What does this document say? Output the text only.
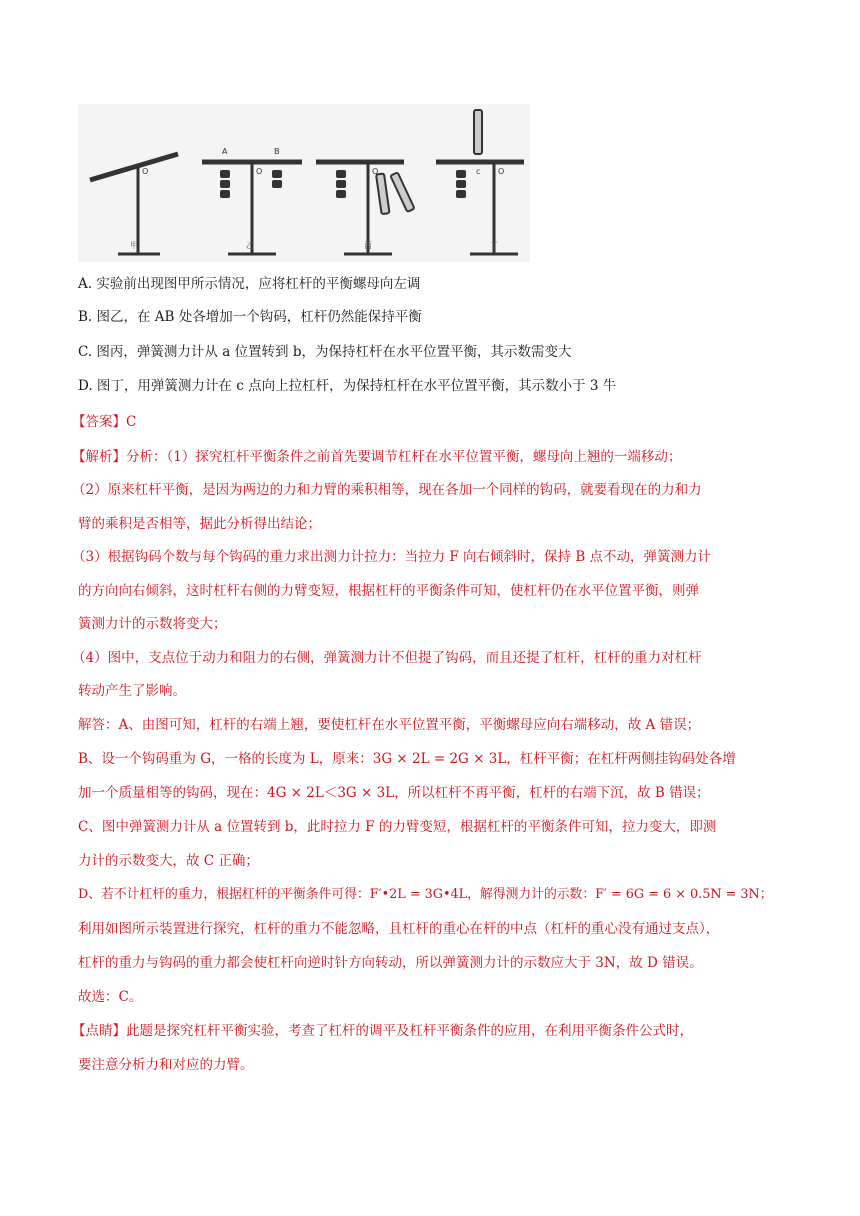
O	O
A	B
O	O
c
甲	乙	丙	丁
A. 实验前出现图甲所示情况，应将杠杆的平衡螺母向左调
B. 图乙，在 AB 处各增加一个钩码，杠杆仍然能保持平衡
C. 图丙，弹簧测力计从 a 位置转到 b，为保持杠杆在水平位置平衡，其示数需变大
D. 图丁，用弹簧测力计在 c 点向上拉杠杆，为保持杠杆在水平位置平衡，其示数小于 3 牛
【答案】C
【解析】分析：（1）探究杠杆平衡条件之前首先要调节杠杆在水平位置平衡，螺母向上翘的一端移动；
（2）原来杠杆平衡，是因为两边的力和力臂的乘积相等，现在各加一个同样的钩码，就要看现在的力和力
臂的乘积是否相等，据此分析得出结论；
（3）根据钩码个数与每个钩码的重力求出测力计拉力：当拉力 F 向右倾斜时，保持 B 点不动，弹簧测力计
的方向向右倾斜，这时杠杆右侧的力臂变短，根据杠杆的平衡条件可知，使杠杆仍在水平位置平衡，则弹
簧测力计的示数将变大；
（4）图中，支点位于动力和阻力的右侧，弹簧测力计不但提了钩码，而且还提了杠杆，杠杆的重力对杠杆
转动产生了影响。
解答：A、由图可知，杠杆的右端上翘，要使杠杆在水平位置平衡，平衡螺母应向右端移动，故 A 错误；
B、设一个钩码重为 G，一格的长度为 L，原来：3G × 2L = 2G × 3L，杠杆平衡；在杠杆两侧挂钩码处各增
加一个质量相等的钩码，现在：4G × 2L＜3G × 3L，所以杠杆不再平衡，杠杆的右端下沉，故 B 错误；
C、图中弹簧测力计从 a 位置转到 b，此时拉力 F 的力臂变短，根据杠杆的平衡条件可知，拉力变大，即测
力计的示数变大，故 C 正确；
D、若不计杠杆的重力，根据杠杆的平衡条件可得：F′•2L = 3G•4L，解得测力计的示数：F′ = 6G = 6 × 0.5N = 3N；
利用如图所示装置进行探究，杠杆的重力不能忽略，且杠杆的重心在杆的中点（杠杆的重心没有通过支点），
杠杆的重力与钩码的重力都会使杠杆向逆时针方向转动，所以弹簧测力计的示数应大于 3N，故 D 错误。
故选：C。
【点睛】此题是探究杠杆平衡实验，考查了杠杆的调平及杠杆平衡条件的应用，在利用平衡条件公式时，
要注意分析力和对应的力臂。
